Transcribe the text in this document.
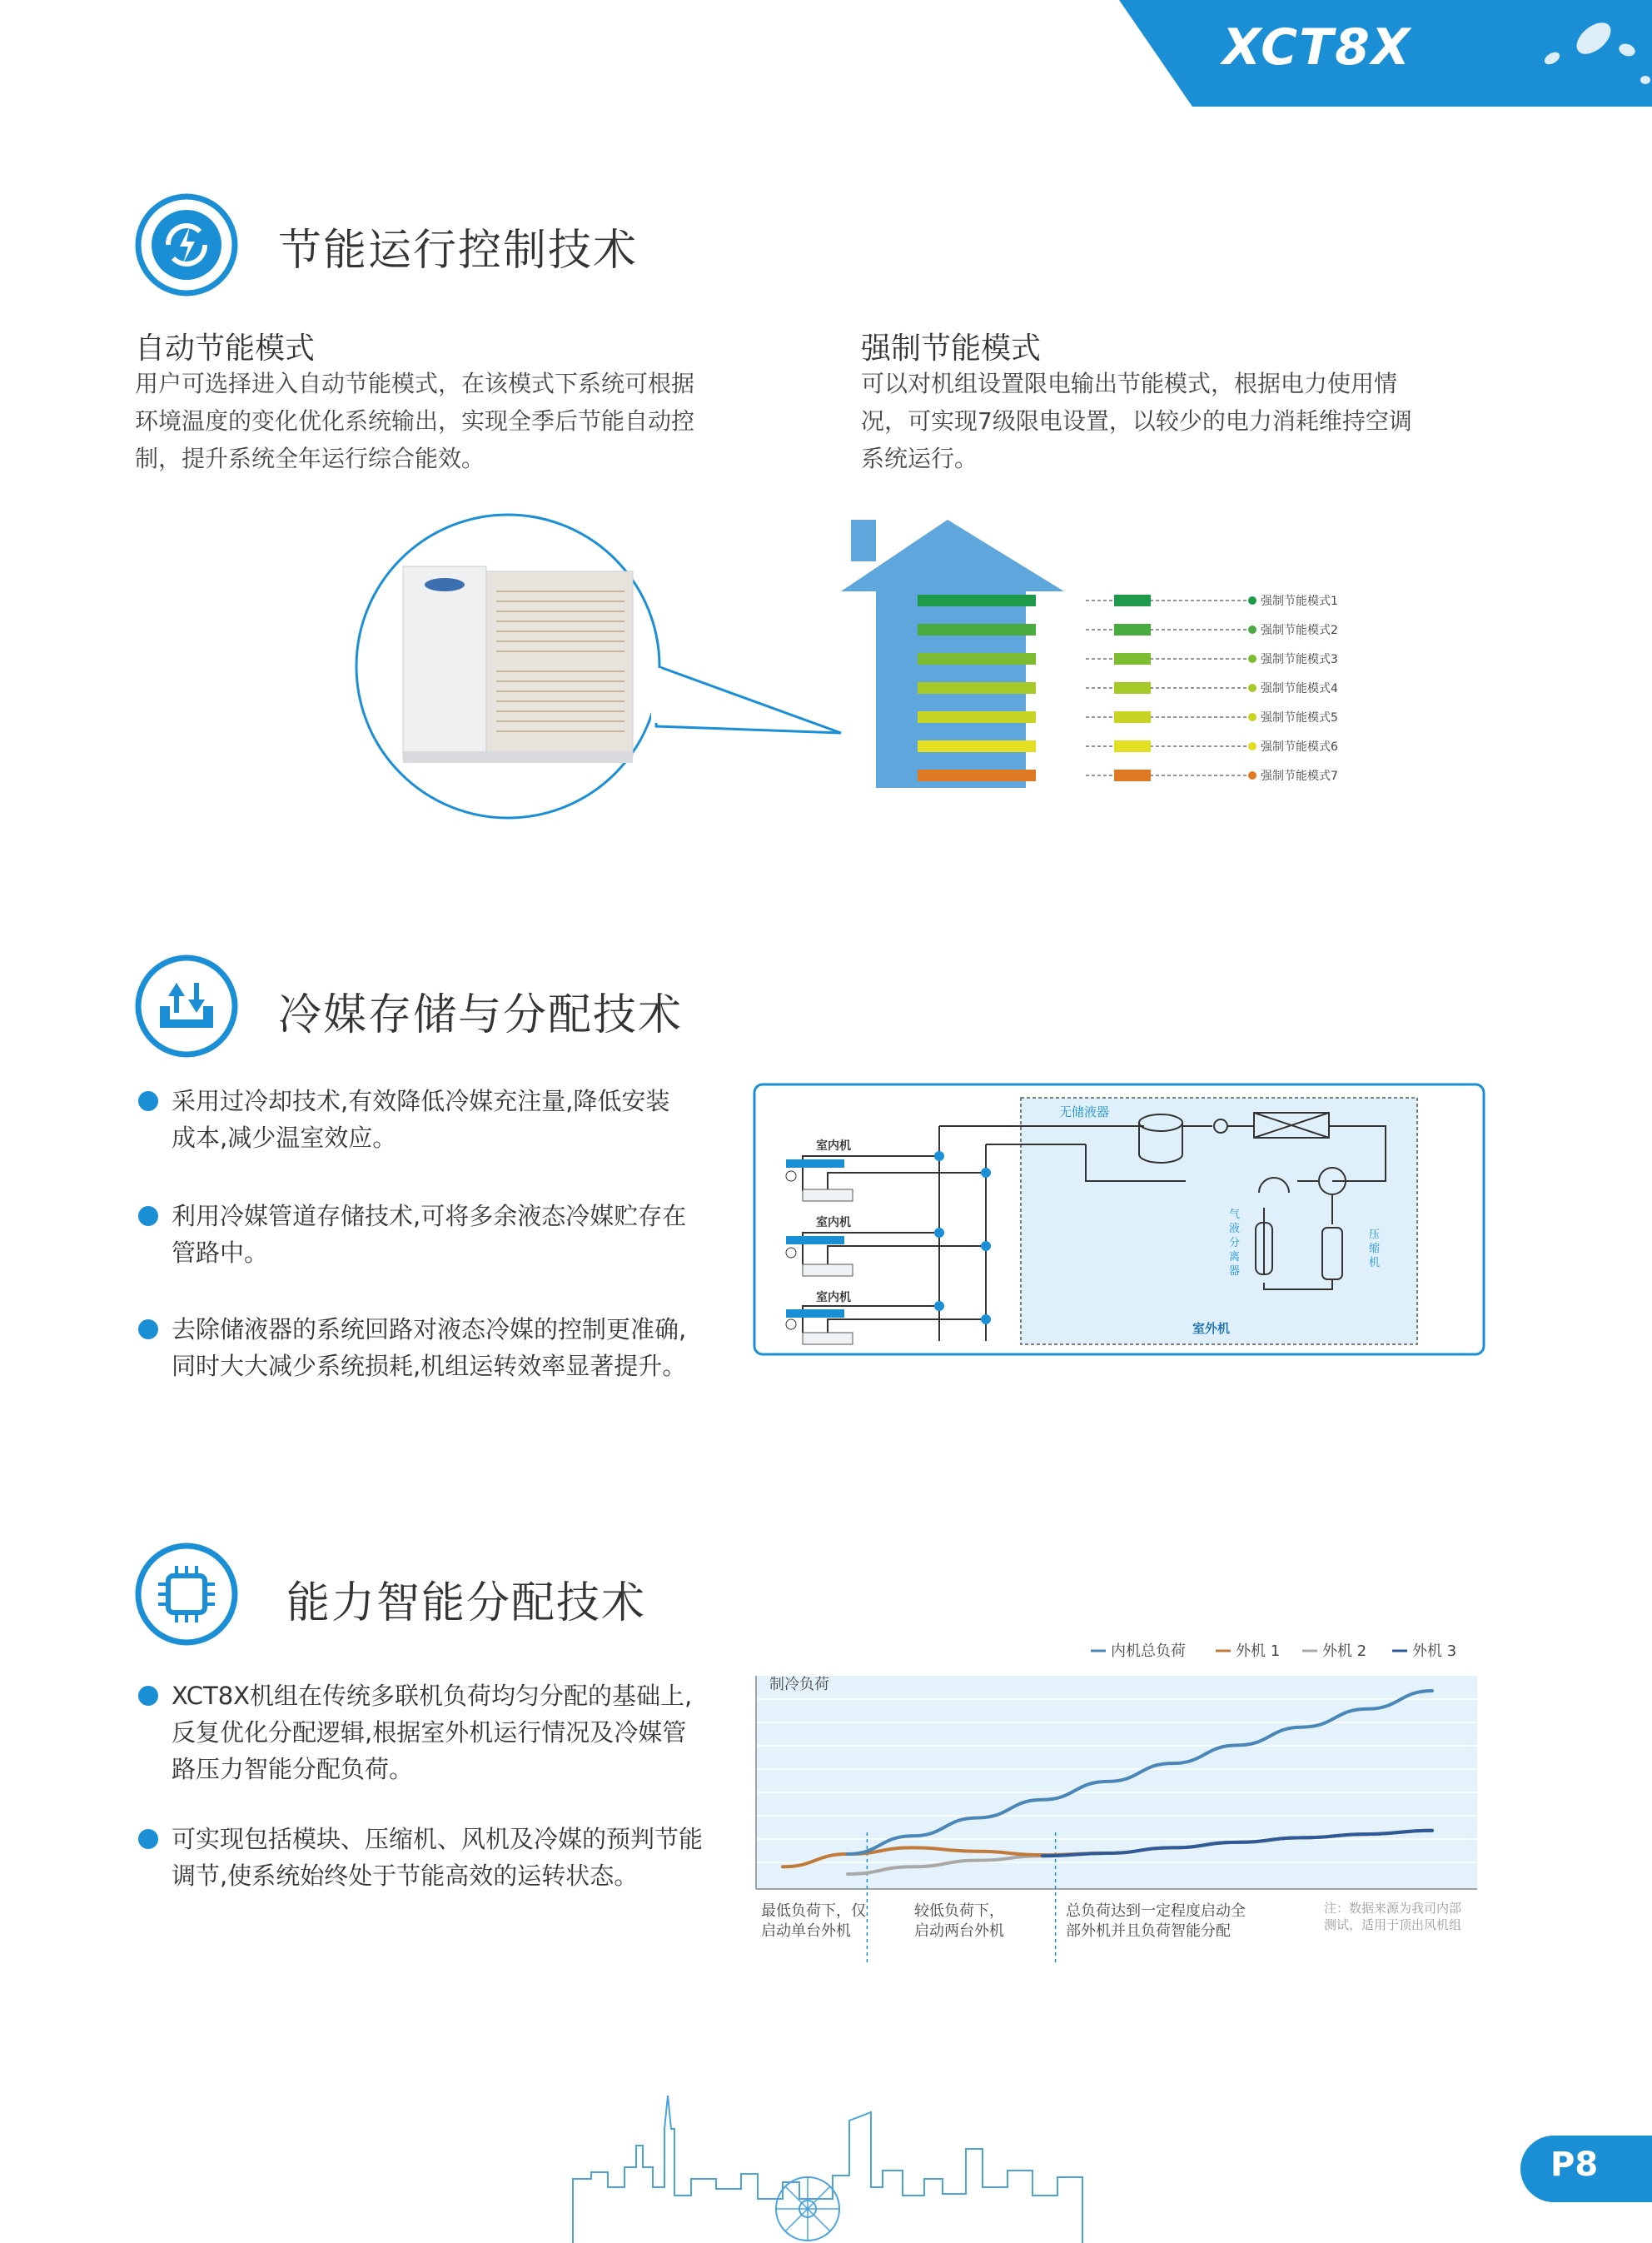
XCT8X
节能运行控制技术
自动节能模式
用户可选择进入自动节能模式，在该模式下系统可根据
环境温度的变化优化系统输出，实现全季后节能自动控
制，提升系统全年运行综合能效。
强制节能模式
可以对机组设置限电输出节能模式，根据电力使用情
况，可实现7级限电设置，以较少的电力消耗维持空调
系统运行。
强制节能模式1
强制节能模式2
强制节能模式3
强制节能模式4
强制节能模式5
强制节能模式6
强制节能模式7
冷媒存储与分配技术
采用过冷却技术,有效降低冷媒充注量,降低安装
成本,减少温室效应。
利用冷媒管道存储技术,可将多余液态冷媒贮存在
管路中。
去除储液器的系统回路对液态冷媒的控制更准确,
同时大大减少系统损耗,机组运转效率显著提升。
无储液器
室内机
室内机
室内机
气液分离器
压缩机
室外机
能力智能分配技术
XCT8X机组在传统多联机负荷均匀分配的基础上,
反复优化分配逻辑,根据室外机运行情况及冷媒管
路压力智能分配负荷。
可实现包括模块、压缩机、风机及冷媒的预判节能
调节,使系统始终处于节能高效的运转状态。
内机总负荷	外机 1	外机 2	外机 3
制冷负荷
最低负荷下，仅启动单台外机
较低负荷下，启动两台外机
总负荷达到一定程度启动全部外机并且负荷智能分配
注：数据来源为我司内部测试，适用于顶出风机组
P8
